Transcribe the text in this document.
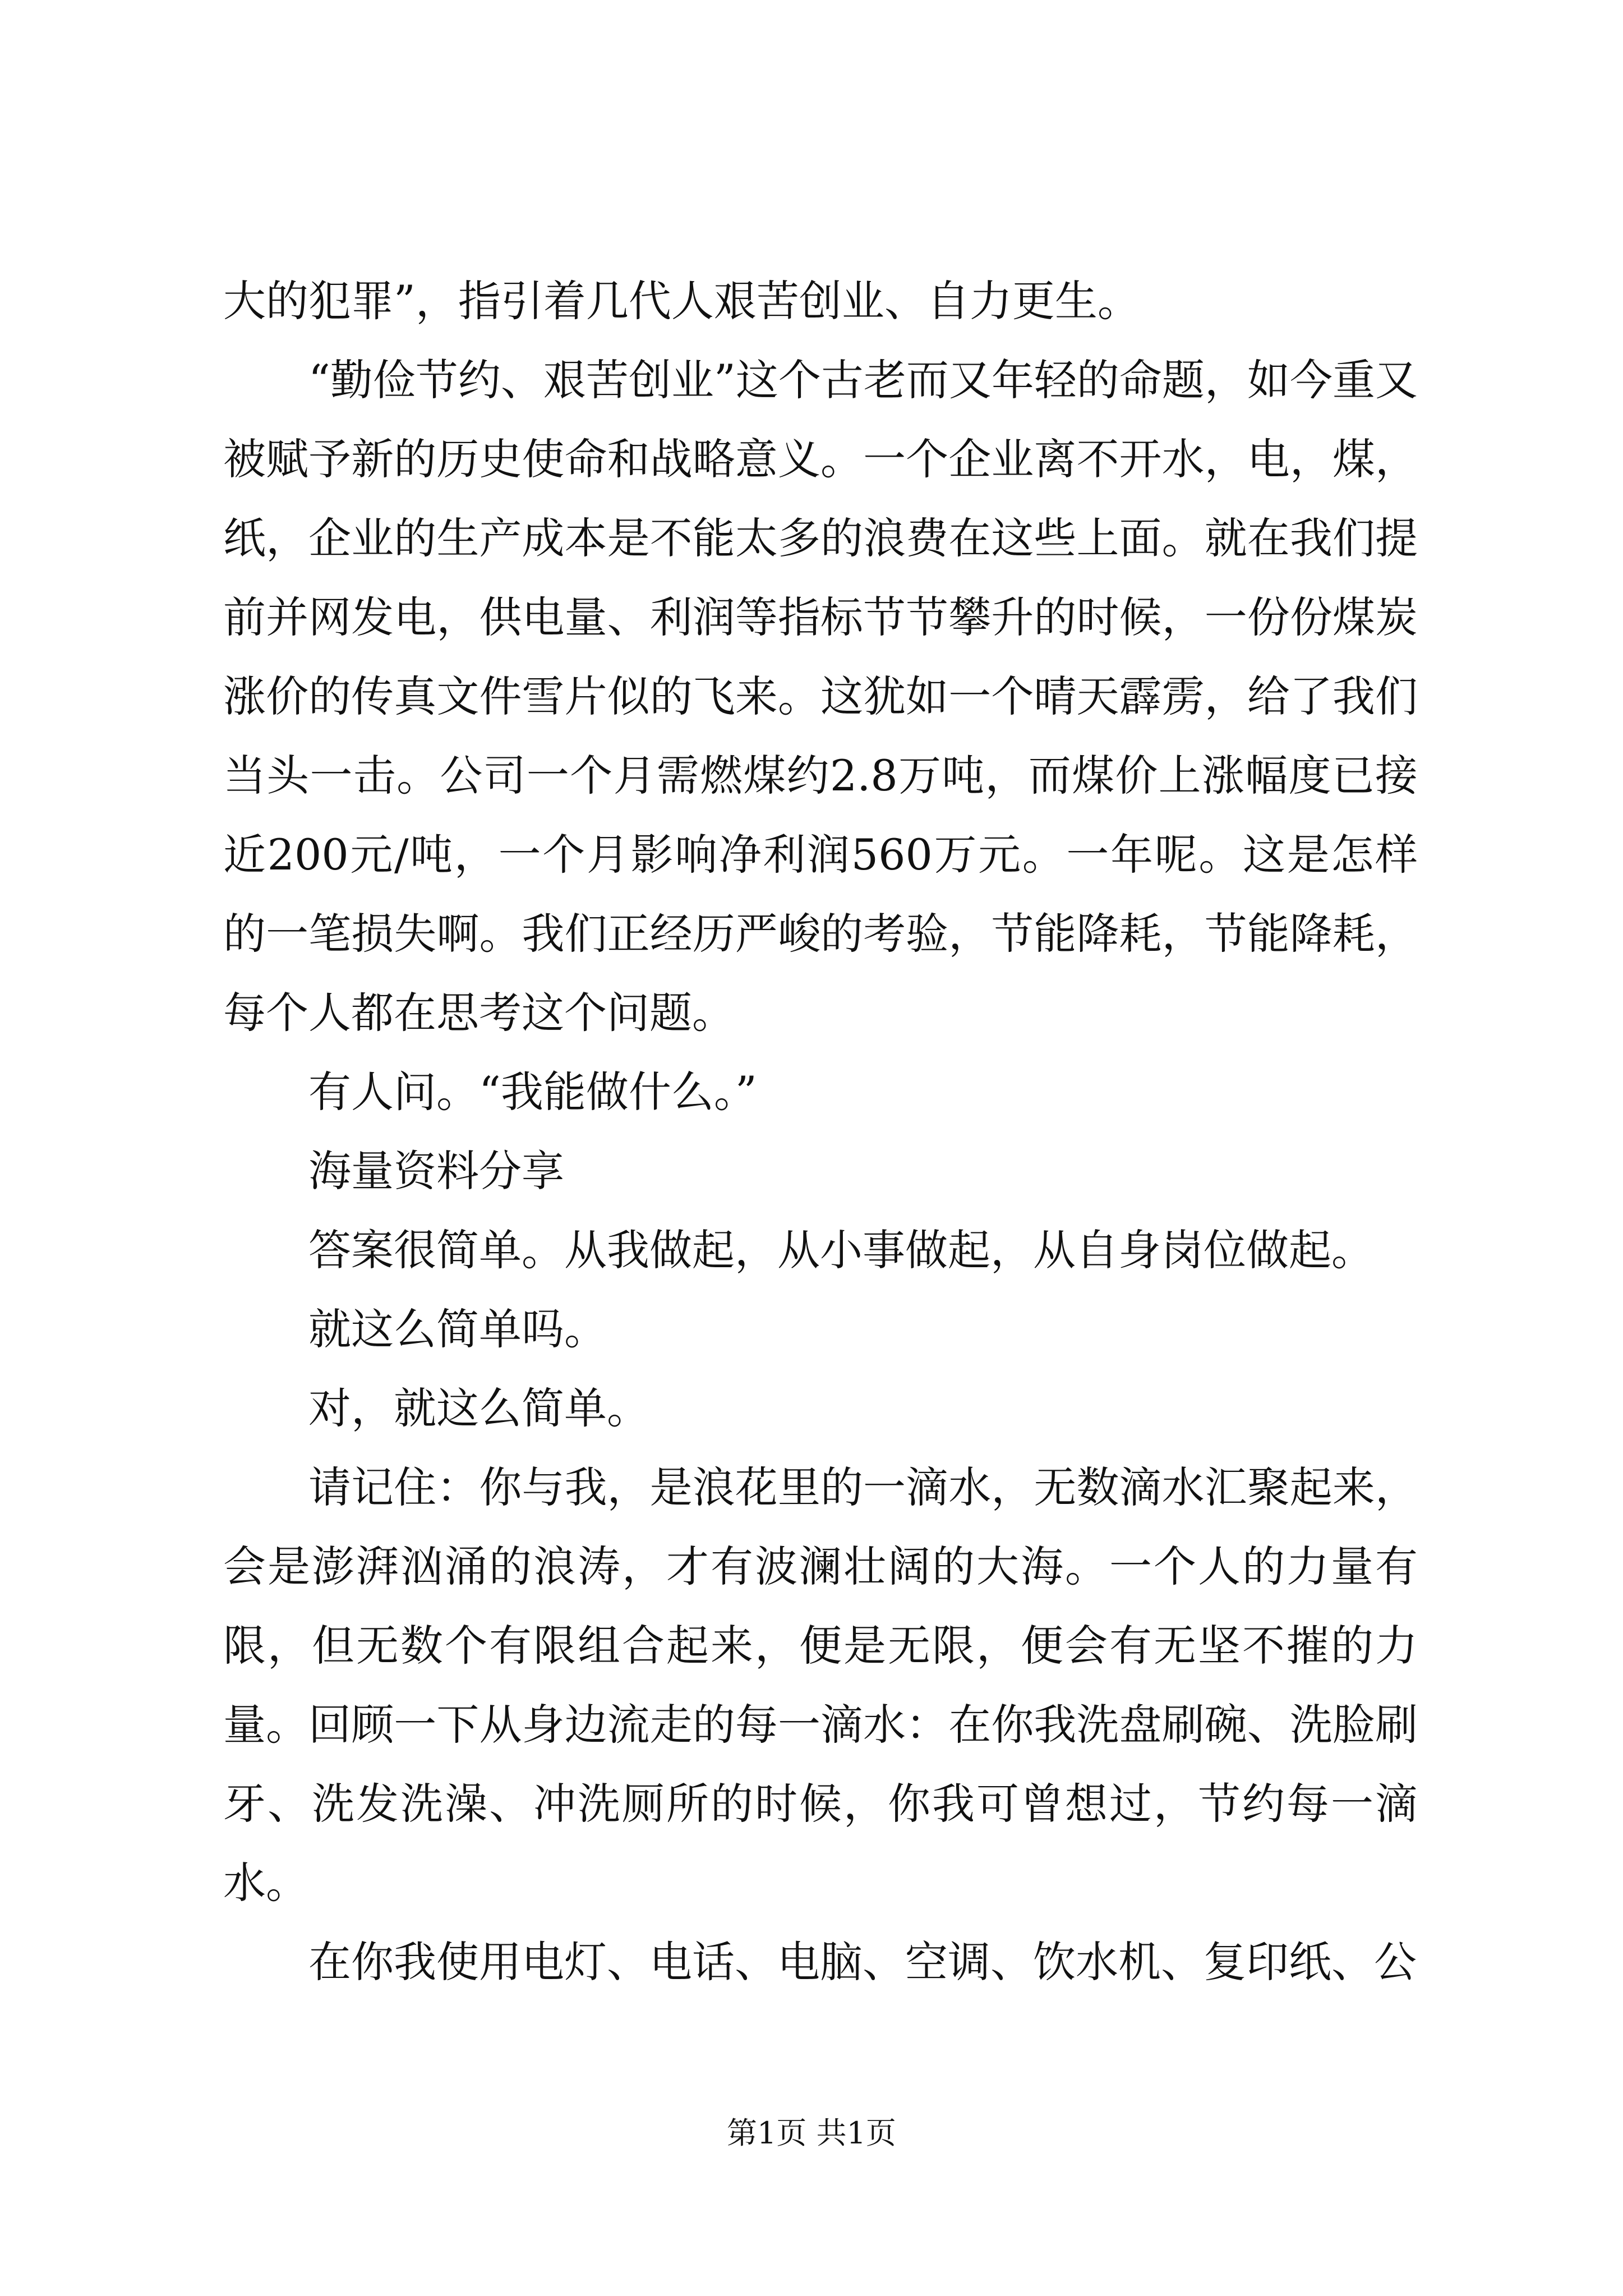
大的犯罪”，指引着几代人艰苦创业、自力更生。

“勤俭节约、艰苦创业”这个古老而又年轻的命题，如今重又被赋予新的历史使命和战略意义。一个企业离不开水，电，煤，纸，企业的生产成本是不能太多的浪费在这些上面。就在我们提前并网发电，供电量、利润等指标节节攀升的时候，一份份煤炭涨价的传真文件雪片似的飞来。这犹如一个晴天霹雳，给了我们当头一击。公司一个月需燃煤约2.8万吨，而煤价上涨幅度已接近200元/吨，一个月影响净利润560万元。一年呢。这是怎样的一笔损失啊。我们正经历严峻的考验，节能降耗，节能降耗，每个人都在思考这个问题。

有人问。“我能做什么。”

海量资料分享

答案很简单。从我做起，从小事做起，从自身岗位做起。

就这么简单吗。

对，就这么简单。

请记住：你与我，是浪花里的一滴水，无数滴水汇聚起来，会是澎湃汹涌的浪涛，才有波澜壮阔的大海。一个人的力量有限，但无数个有限组合起来，便是无限，便会有无坚不摧的力量。回顾一下从身边流走的每一滴水：在你我洗盘刷碗、洗脸刷牙、洗发洗澡、冲洗厕所的时候，你我可曾想过，节约每一滴水。

在你我使用电灯、电话、电脑、空调、饮水机、复印纸、公

第1页 共1页
